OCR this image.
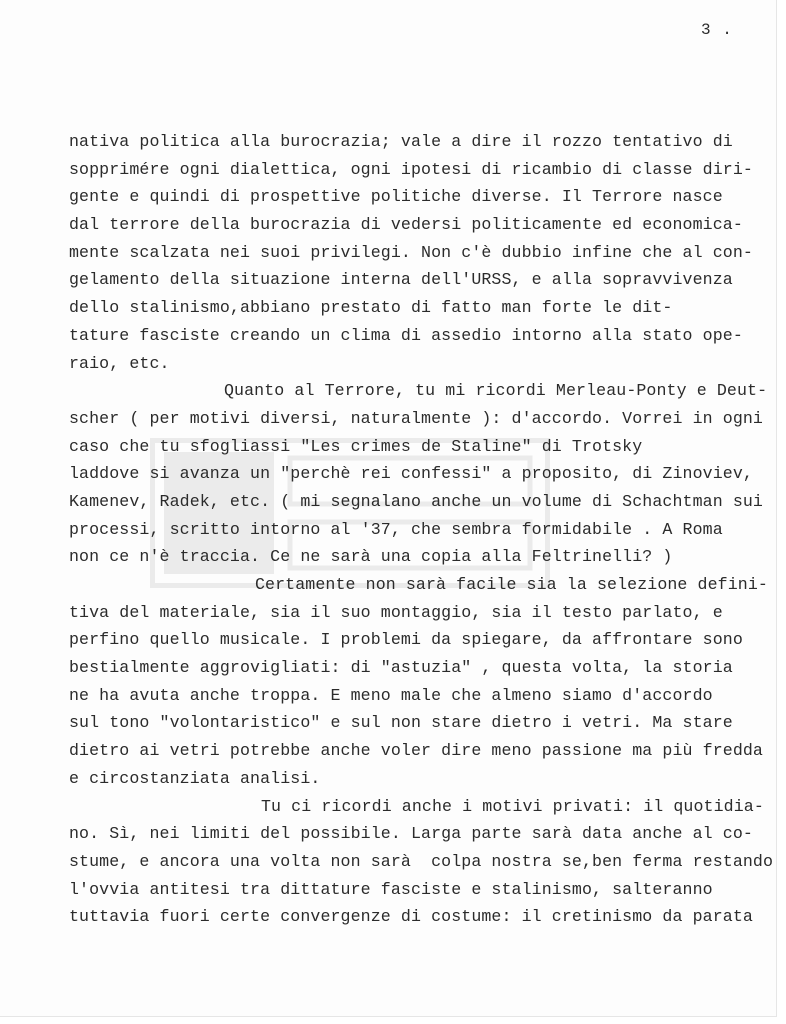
3 .
nativa politica alla burocrazia; vale a dire il rozzo tentativo di
sopprimére ogni dialettica, ogni ipotesi di ricambio di classe diri-
gente e quindi di prospettive politiche diverse. Il Terrore nasce
dal terrore della burocrazia di vedersi politicamente ed economica-
mente scalzata nei suoi privilegi. Non c'è dubbio infine che al con-
gelamento della situazione interna dell'URSS, e alla sopravvivenza
dello stalinismo,abbiano prestato di fatto man forte le dit-
tature fasciste creando un clima di assedio intorno alla stato ope-
raio, etc.
Quanto al Terrore, tu mi ricordi Merleau-Ponty e Deut-
scher ( per motivi diversi, naturalmente ): d'accordo. Vorrei in ogni
caso che tu sfogliassi "Les crimes de Staline" di Trotsky
laddove si avanza un "perchè rei confessi" a proposito, di Zinoviev,
Kamenev, Radek, etc. ( mi segnalano anche un volume di Schachtman sui
processi, scritto intorno al '37, che sembra formidabile . A Roma
non ce n'è traccia. Ce ne sarà una copia alla Feltrinelli? )
Certamente non sarà facile sia la selezione defini-
tiva del materiale, sia il suo montaggio, sia il testo parlato, e
perfino quello musicale. I problemi da spiegare, da affrontare sono
bestialmente aggrovigliati: di "astuzia" , questa volta, la storia
ne ha avuta anche troppa. E meno male che almeno siamo d'accordo
sul tono "volontaristico" e sul non stare dietro i vetri. Ma stare
dietro ai vetri potrebbe anche voler dire meno passione ma più fredda
e circostanziata analisi.
Tu ci ricordi anche i motivi privati: il quotidia-
no. Sì, nei limiti del possibile. Larga parte sarà data anche al co-
stume, e ancora una volta non sarà  colpa nostra se,ben ferma restando
l'ovvia antitesi tra dittature fasciste e stalinismo, salteranno
tuttavia fuori certe convergenze di costume: il cretinismo da parata
